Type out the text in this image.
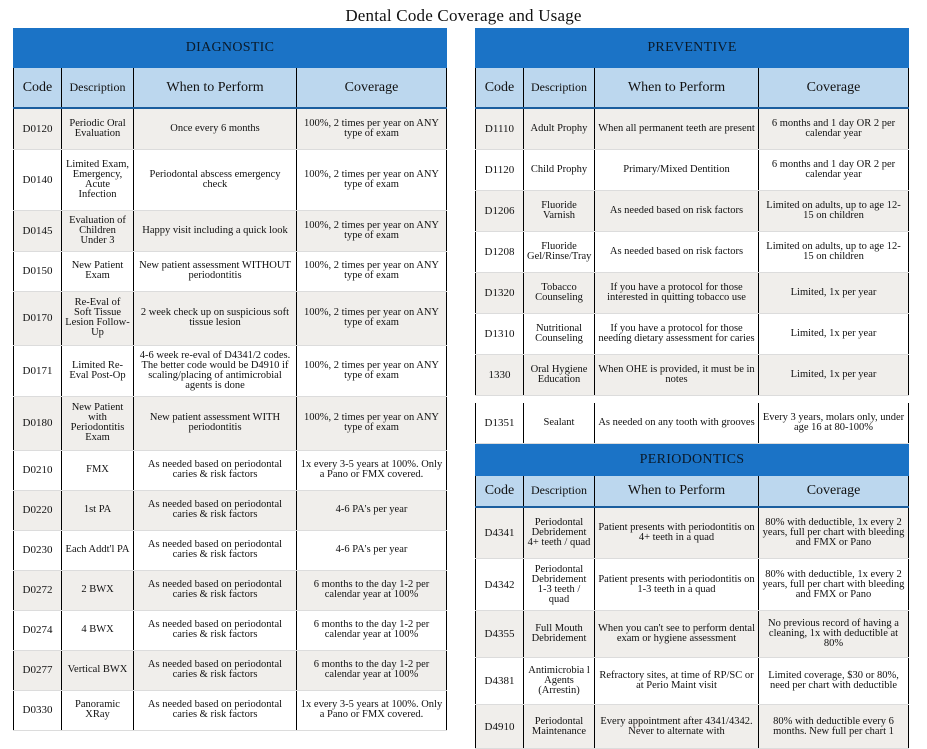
Dental Code Coverage and Usage
DIAGNOSTIC			
Code	Description	When to Perform	Coverage
D0120	Periodic Oral Evaluation	Once every 6 months	100%, 2 times per year on ANY type of exam
D0140	Limited Exam, Emergency, Acute Infection	Periodontal abscess emergency check	100%, 2 times per year on ANY type of exam
D0145	Evaluation of Children Under 3	Happy visit including a quick look	100%, 2 times per year on ANY type of exam
D0150	New Patient Exam	New patient assessment WITHOUT periodontitis	100%, 2 times per year on ANY type of exam
D0170	Re-Eval of Soft Tissue Lesion Follow-Up	2 week check up on suspicious soft tissue lesion	100%, 2 times per year on ANY type of exam
D0171	Limited Re-Eval Post-Op	4-6 week re-eval of D4341/2 codes. The better code would be D4910 if scaling/placing of antimicrobial agents is done	100%, 2 times per year on ANY type of exam
D0180	New Patient with Periodontitis Exam	New patient assessment WITH periodontitis	100%, 2 times per year on ANY type of exam
D0210	FMX	As needed based on periodontal caries & risk factors	1x every 3-5 years at 100%. Only a Pano or FMX covered.
D0220	1st PA	As needed based on periodontal caries & risk factors	4-6 PA's per year
D0230	Each Addt'l PA	As needed based on periodontal caries & risk factors	4-6 PA's per year
D0272	2 BWX	As needed based on periodontal caries & risk factors	6 months to the day 1-2 per calendar year at 100%
D0274	4 BWX	As needed based on periodontal caries & risk factors	6 months to the day 1-2 per calendar year at 100%
D0277	Vertical BWX	As needed based on periodontal caries & risk factors	6 months to the day 1-2 per calendar year at 100%
D0330	Panoramic XRay	As needed based on periodontal caries & risk factors	1x every 3-5 years at 100%. Only a Pano or FMX covered.
PREVENTIVE			
Code	Description	When to Perform	Coverage
D1110	Adult Prophy	When all permanent teeth are present	6 months and 1 day OR 2 per calendar year
D1120	Child Prophy	Primary/Mixed Dentition	6 months and 1 day OR 2 per calendar year
D1206	Fluoride Varnish	As needed based on risk factors	Limited on adults, up to age 12-15 on children
D1208	Fluoride Gel/Rinse/Tray	As needed based on risk factors	Limited on adults, up to age 12-15 on children
D1320	Tobacco Counseling	If you have a protocol for those interested in quitting tobacco use	Limited, 1x per year
D1310	Nutritional Counseling	If you have a protocol for those needing dietary assessment for caries	Limited, 1x per year
1330	Oral Hygiene Education	When OHE is provided, it must be in notes	Limited, 1x per year

D1351	Sealant	As needed on any tooth with grooves	Every 3 years, molars only, under age 16 at 80-100%
PERIODONTICS			
Code	Description	When to Perform	Coverage
D4341	Periodontal Debridement 4+ teeth / quad	Patient presents with periodontitis on 4+ teeth in a quad	80% with deductible, 1x every 2 years, full per chart with bleeding and FMX or Pano
D4342	Periodontal Debridement 1-3 teeth / quad	Patient presents with periodontitis on 1-3 teeth in a quad	80% with deductible, 1x every 2 years, full per chart with bleeding and FMX or Pano
D4355	Full Mouth Debridement	When you can't see to perform dental exam or hygiene assessment	No previous record of having a cleaning, 1x with deductible at 80%
D4381	Antimicrobia l Agents (Arrestin)	Refractory sites, at time of RP/SC or at Perio Maint visit	Limited coverage, $30 or 80%, need per chart with deductible
D4910	Periodontal Maintenance	Every appointment after 4341/4342. Never to alternate with	80% with deductible every 6 months. New full per chart 1
